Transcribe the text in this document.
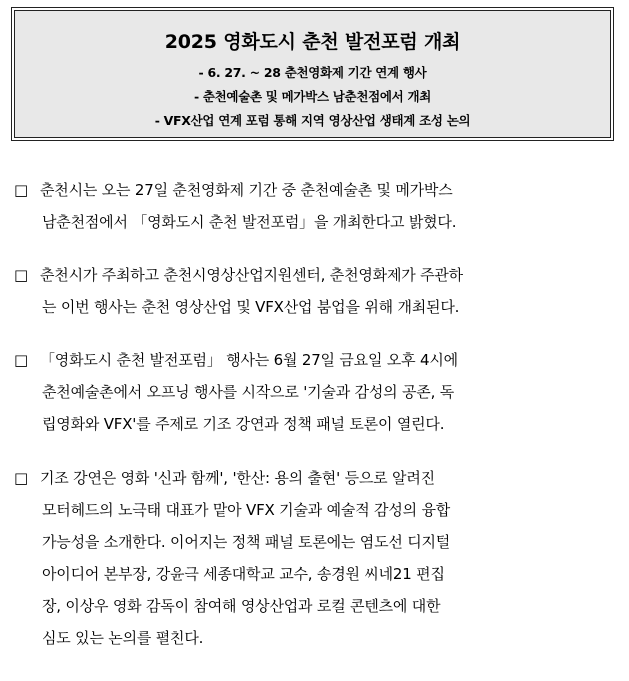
2025 영화도시 춘천 발전포럼 개최
- 6. 27. ~ 28 춘천영화제 기간 연계 행사
- 춘천예술촌 및 메가박스 남춘천점에서 개최
- VFX산업 연계 포럼 통해 지역 영상산업 생태계 조성 논의
□ 춘천시는 오는 27일 춘천영화제 기간 중 춘천예술촌 및 메가박스
남춘천점에서 「영화도시 춘천 발전포럼」을 개최한다고 밝혔다.
□ 춘천시가 주최하고 춘천시영상산업지원센터, 춘천영화제가 주관하
는 이번 행사는 춘천 영상산업 및 VFX산업 붐업을 위해 개최된다.
□ 「영화도시 춘천 발전포럼」 행사는 6월 27일 금요일 오후 4시에
춘천예술촌에서 오프닝 행사를 시작으로 '기술과 감성의 공존, 독
립영화와 VFX'를 주제로 기조 강연과 정책 패널 토론이 열린다.
□ 기조 강연은 영화 '신과 함께', '한산: 용의 출현' 등으로 알려진
모터헤드의 노극태 대표가 맡아 VFX 기술과 예술적 감성의 융합
가능성을 소개한다. 이어지는 정책 패널 토론에는 염도선 디지털
아이디어 본부장, 강윤극 세종대학교 교수, 송경원 씨네21 편집
장, 이상우 영화 감독이 참여해 영상산업과 로컬 콘텐츠에 대한
심도 있는 논의를 펼친다.
